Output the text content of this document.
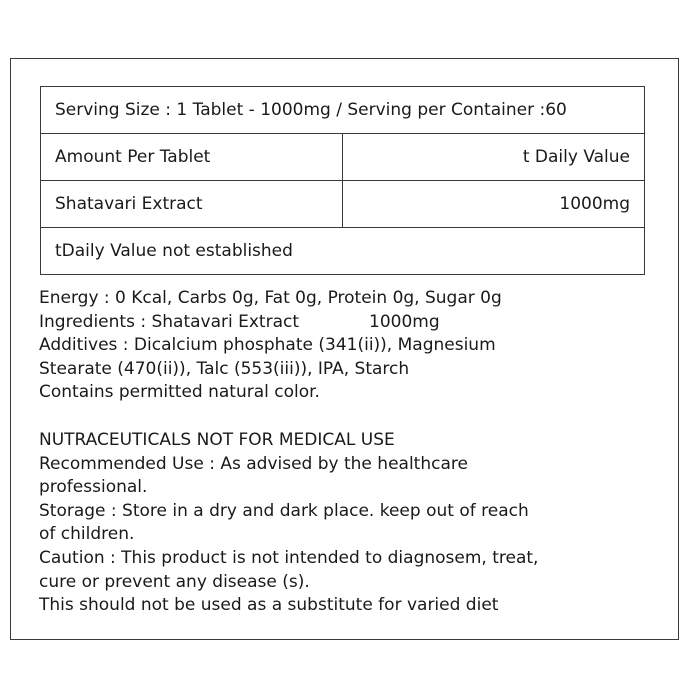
Serving Size : 1 Tablet - 1000mg / Serving per Container :60	
Amount Per Tablet	t Daily Value
Shatavari Extract	1000mg
tDaily Value not established	
Energy : 0 Kcal, Carbs 0g, Fat 0g, Protein 0g, Sugar 0g
Ingredients : Shatavari Extract	1000mg
Additives : Dicalcium phosphate (341(ii)), Magnesium
Stearate (470(ii)), Talc (553(iii)), IPA, Starch
Contains permitted natural color.
NUTRACEUTICALS NOT FOR MEDICAL USE
Recommended Use : As advised by the healthcare
professional.
Storage : Store in a dry and dark place. keep out of reach
of children.
Caution : This product is not intended to diagnosem, treat,
cure or prevent any disease (s).
This should not be used as a substitute for varied diet
